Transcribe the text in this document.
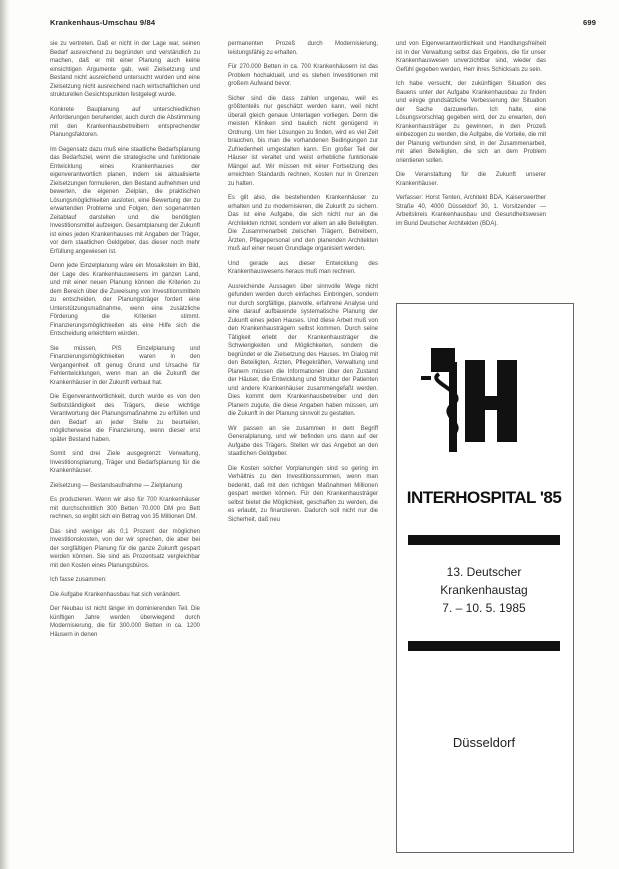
Krankenhaus-Umschau 9/84	699

sie zu vertreten. Daß er nicht in der Lage war, seinen Bedarf ausreichend zu begründen und verständlich zu machen, daß er mit einer Planung auch keine einsichtigen Argumente gab, weil Zielsetzung und Bestand nicht ausreichend untersucht wurden und eine Zielsetzung nicht ausreichend nach wirtschaftlichen und strukturellen Gesichtspunkten festgelegt wurde.

Konkrete Bauplanung auf unterschiedlichen Anforderungen beruhender, auch durch die Abstimmung mit den Krankenhausbetreibern entsprechender Planungsfaktoren.

Im Gegensatz dazu muß eine staatliche Bedarfsplanung das Bedarfsziel, wenn die strategische und funktionale Entwicklung eines Krankenhauses der eigenverantwortlich planen, indem sie aktualisierte Zielsetzungen formulieren, den Bestand aufnehmen und bewerten, die eigenen Zielplan, die praktischen Lösungsmöglichkeiten ausloten, eine Bewertung der zu erwartenden Probleme und Folgen, den sogenannten Zeitablauf darstellen und die benötigten Investitionsmittel aufzeigen. Gesamtplanung der Zukunft ist eines jeden Krankenhauses mit Angaben der Träger, vor dem staatlichen Geldgeber, das dieser noch mehr Erfüllung angewiesen ist.

Denn jede Einzelplanung wäre ein Mosaikstein im Bild, der Lage des Krankenhauswesens im ganzen Land, und mit einer neuen Planung können die Kriterien zu dem Bereich über die Zuweisung von Investitionsmitteln zu entscheiden, der Planungsträger fordert eine Unterstützungsmaßnahme, wenn eine zusätzliche Förderung die Kriterien stimmt. Finanzierungsmöglichkeiten als eine Hilfe sich die Entscheidung erleichtern würden.

Sie müssen, PIS Einzelplanung und Finanzierungsmöglichkeiten waren in den Vergangenheit oft genug Grund und Ursache für Fehlentwicklungen, wenn man an die Zukunft der Krankenhäuser in der Zukunft verbaut hat.

Die Eigenverantwortlichkeit, durch wurde es von den Selbstständigkeit des Trägers, diese wichtige Verantwortung der Planungsmaßnahme zu erfüllen und den Bedarf an jeder Stelle zu beurteilen, möglicherweise die Finanzierung, wenn dieser erst später Bestand haben.

Somit sind drei Ziele ausgegrenzt: Verwaltung, Investitionsplanung, Träger und Bedarfsplanung für die Krankenhäuser.

Zielsetzung — Bestandsaufnahme — Zielplanung

Es produzieren. Wenn wir also für 700 Krankenhäuser mit durchschnittlich 300 Betten 70.000 DM pro Bett rechnen, so ergibt sich ein Betrag von 35 Millionen DM.

Das sind weniger als 0,1 Prozent der möglichen Investitionskosten, von der wir sprechen, die aber bei der sorgfältigen Planung für die ganze Zukunft gespart werden können. Sie sind als Prozentsatz vergleichbar mit den Kosten eines Planungsbüros.

Ich fasse zusammen:

Die Aufgabe Krankenhausbau hat sich verändert.

Der Neubau ist nicht länger im dominierenden Teil. Die künftigen Jahre werden überwiegend durch Modernisierung, die für 300.000 Betten in ca. 1200 Häusern in denen

permanenten Prozeß durch Modernisierung, leistungsfähig zu erhalten.

Für 270.000 Betten in ca. 700 Krankenhäusern ist das Problem hochaktuell, und es stehen Investitionen mit großem Aufwand bevor.

Sicher sind die dass zahlen ungenau, weil es größtenteils nur geschätzt werden kann, weil nicht überall gleich genaue Unterlagen vorliegen. Denn die meisten Kliniken sind baulich nicht genügend in Ordnung. Um hier Lösungen zu finden, wird es viel Zeit brauchen, bis man die vorhandenen Bedingungen zur Zufriedenheit umgestalten kann. Ein großer Teil der Häuser ist veraltet und weist erhebliche funktionale Mängel auf. Wir müssen mit einer Fortsetzung des erreichten Standards rechnen, Kosten nur in Grenzen zu halten.

Es gilt also, die bestehenden Krankenhäuser zu erhalten und zu modernisieren, die Zukunft zu sichern. Das ist eine Aufgabe, die sich nicht nur an die Architekten richtet, sondern vor allem an alle Beteiligten. Die Zusammenarbeit zwischen Trägern, Betreibern, Ärzten, Pflegepersonal und den planenden Architekten muß auf einer neuen Grundlage organisiert werden.

Und gerade aus dieser Entwicklung des Krankenhauswesens heraus muß man rechnen.

Ausreichende Aussagen über sinnvolle Wege nicht gefunden werden durch einfaches Einbringen, sondern nur durch sorgfältige, planvolle, erfahrene Analyse und eine darauf aufbauende systematische Planung der Zukunft eines jeden Hauses. Und diese Arbeit muß von den Krankenhausträgern selbst kommen. Durch seine Tätigkeit erlebt der Krankenhausträger die Schwierigkeiten und Möglichkeiten, sondern die begründet er die Zielsetzung des Hauses. Im Dialog mit den Beteiligten, Ärzten, Pflegekräften, Verwaltung und Planern müssen die Informationen über den Zustand der Häuser, die Entwicklung und Struktur der Patienten und andere Krankenhäuser zusammengefaßt werden. Dies kommt dem Krankenhausbetreiber und den Planern zugute, die diese Angaben haben müssen, um die Zukunft in der Planung sinnvoll zu gestalten.

Wir passen an sie zusammen in dem Begriff Generalplanung, und wir befinden uns dann auf der Aufgabe des Trägers. Stellen wir das Angebot an den staatlichen Geldgeber.

Die Kosten solcher Vorplanungen sind so gering im Verhältnis zu den Investitionssummen, wenn man bedenkt, daß mit den richtigen Maßnahmen Millionen gespart werden können. Für den Krankenhausträger selbst bietet die Möglichkeit, geschaffen zu werden, die es erlaubt, zu finanzieren. Dadurch soll nicht nur die Sicherheit, daß neu

und von Eigenverantwortlichkeit und Handlungsfreiheit ist in der Verwaltung selbst das Ergebnis, die für unser Krankenhauswesen unverzichtbar sind, wieder das Gefühl gegeben werden, Herr ihres Schicksals zu sein.

Ich habe versucht, der zukünftigen Situation des Bauens unter der Aufgabe Krankenhausbau zu finden und einige grundsätzliche Verbesserung der Situation der Sache darzuwerfen. Ich halte, eine Lösungsvorschlag gegeben wird, der zu erwarten, den Krankenhausträger zu gewinnen, in den Prozeß einbezogen zu werden, die Aufgabe, die Vorteile, die mit der Planung verbunden sind, in der Zusammenarbeit, mit allen Beteiligten, die sich an dem Problem orientieren sollen.

Die Veranstaltung für die Zukunft unserer Krankenhäuser.

Verfasser: Horst Tenten, Architekt BDA, Kaiserswerther Straße 40, 4000 Düsseldorf 30, 1. Vorsitzender — Arbeitskreis Krankenhausbau und Gesundheitswesen im Bund Deutscher Architekten (BDA).

INTERHOSPITAL '85
13. Deutscher
Krankenhaustag
7. – 10. 5. 1985
Düsseldorf
